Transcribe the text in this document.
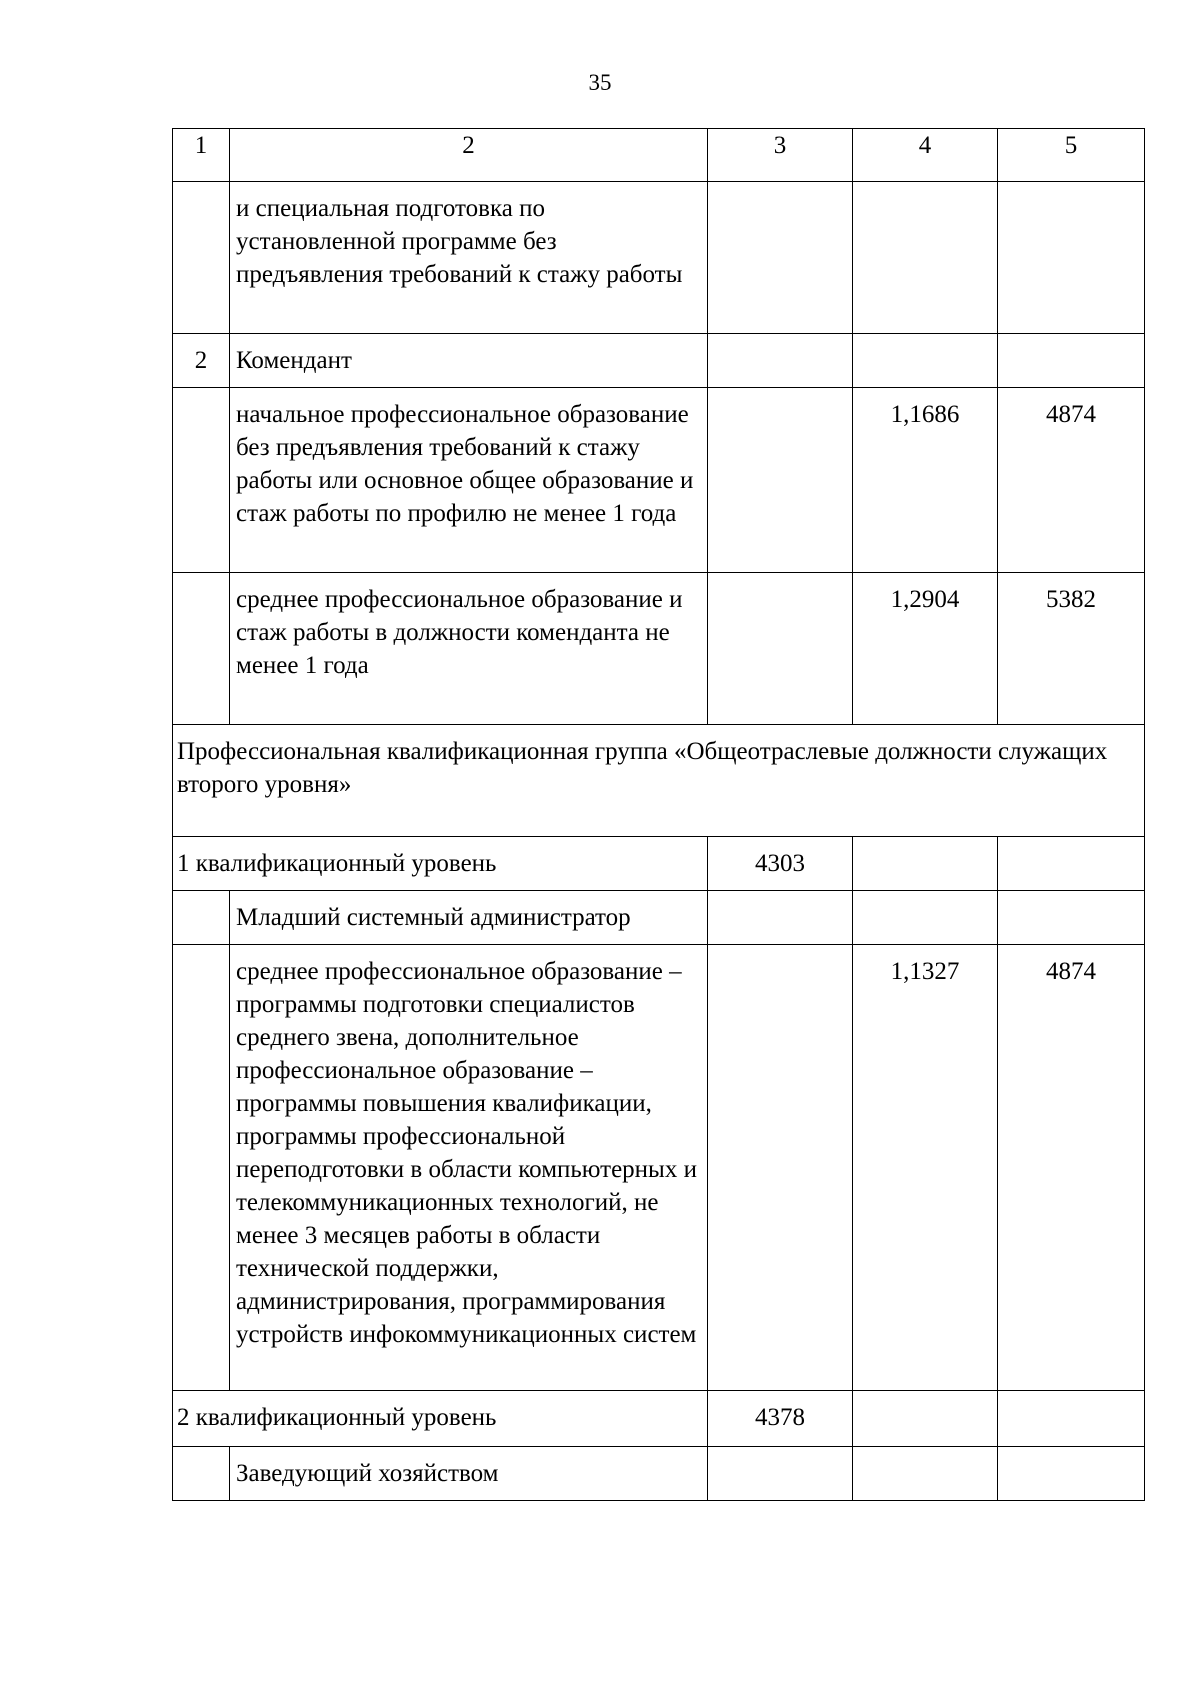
35
1	2	3	4	5
	и специальная подготовка по установленной программе без предъявления требований к стажу работы			
2	Комендант			
	начальное профессиональное образование без предъявления требований к стажу работы или основное общее образование и стаж работы по профилю не менее 1 года		1,1686	4874
	среднее профессиональное образование и стаж работы в должности коменданта не менее 1 года		1,2904	5382
Профессиональная квалификационная группа «Общеотраслевые должности служащих второго уровня»				
1 квалификационный уровень		4303		
	Младший системный администратор			
	среднее профессиональное образование – программы подготовки специалистов среднего звена, дополнительное профессиональное образование – программы повышения квалификации, программы профессиональной переподготовки в области компьютерных и телекоммуникационных технологий, не менее 3 месяцев работы в области технической поддержки, администрирования, программирования устройств инфокоммуникационных систем		1,1327	4874
2 квалификационный уровень		4378		
	Заведующий хозяйством			
